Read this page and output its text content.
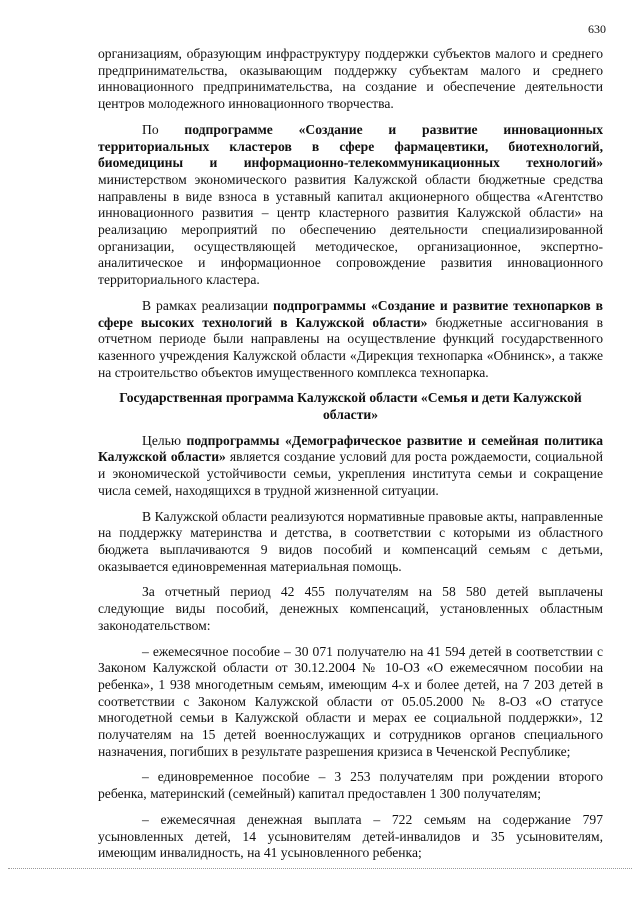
630

организациям, образующим инфраструктуру поддержки субъектов малого и среднего предпринимательства, оказывающим поддержку субъектам малого и среднего инновационного предпринимательства, на создание и обеспечение деятельности центров молодежного инновационного творчества.

По подпрограмме «Создание и развитие инновационных территориальных кластеров в сфере фармацевтики, биотехнологий, биомедицины и информационно-телекоммуникационных технологий» министерством экономического развития Калужской области бюджетные средства направлены в виде взноса в уставный капитал акционерного общества «Агентство инновационного развития – центр кластерного развития Калужской области» на реализацию мероприятий по обеспечению деятельности специализированной организации, осуществляющей методическое, организационное, экспертно-аналитическое и информационное сопровождение развития инновационного территориального кластера.

В рамках реализации подпрограммы «Создание и развитие технопарков в сфере высоких технологий в Калужской области» бюджетные ассигнования в отчетном периоде были направлены на осуществление функций государственного казенного учреждения Калужской области «Дирекция технопарка «Обнинск», а также на строительство объектов имущественного комплекса технопарка.

Государственная программа Калужской области «Семья и дети Калужской области»

Целью подпрограммы «Демографическое развитие и семейная политика Калужской области» является создание условий для роста рождаемости, социальной и экономической устойчивости семьи, укрепления института семьи и сокращение числа семей, находящихся в трудной жизненной ситуации.

В Калужской области реализуются нормативные правовые акты, направленные на поддержку материнства и детства, в соответствии с которыми из областного бюджета выплачиваются 9 видов пособий и компенсаций семьям с детьми, оказывается единовременная материальная помощь.

За отчетный период 42 455 получателям на 58 580 детей выплачены следующие виды пособий, денежных компенсаций, установленных областным законодательством:

– ежемесячное пособие – 30 071 получателю на 41 594 детей в соответствии с Законом Калужской области от 30.12.2004 № 10-ОЗ «О ежемесячном пособии на ребенка», 1 938 многодетным семьям, имеющим 4-х и более детей, на 7 203 детей в соответствии с Законом Калужской области от 05.05.2000 № 8-ОЗ «О статусе многодетной семьи в Калужской области и мерах ее социальной поддержки», 12 получателям на 15 детей военнослужащих и сотрудников органов специального назначения, погибших в результате разрешения кризиса в Чеченской Республике;

– единовременное пособие – 3 253 получателям при рождении второго ребенка, материнский (семейный) капитал предоставлен 1 300 получателям;

– ежемесячная денежная выплата – 722 семьям на содержание 797 усыновленных детей, 14 усыновителям детей-инвалидов и 35 усыновителям, имеющим инвалидность, на 41 усыновленного ребенка;
